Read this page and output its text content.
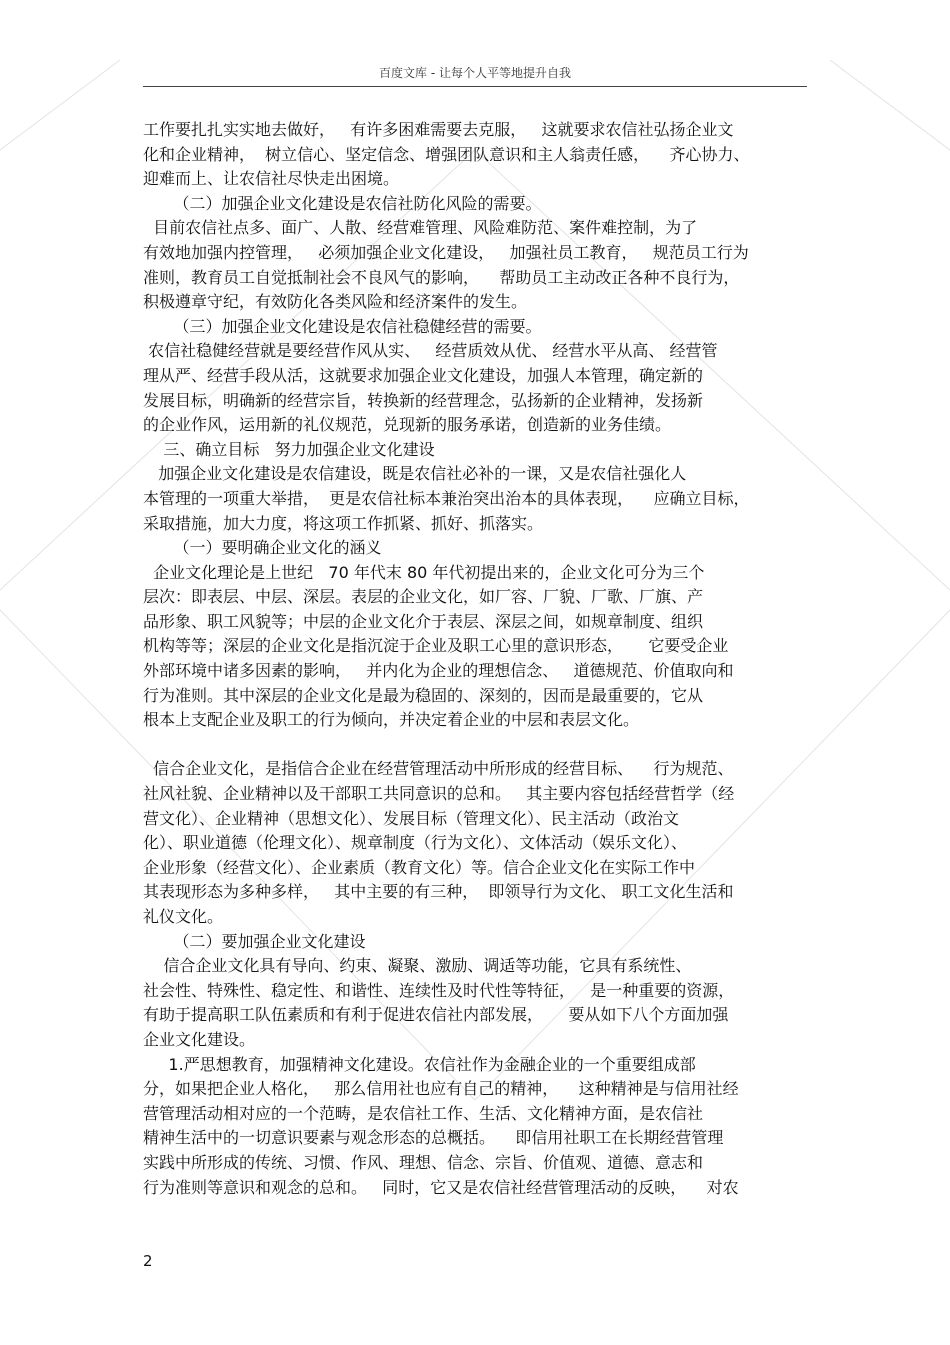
百度文库 - 让每个人平等地提升自我
工作要扎扎实实地去做好，   有许多困难需要去克服，   这就要求农信社弘扬企业文
化和企业精神，  树立信心、坚定信念、增强团队意识和主人翁责任感，    齐心协力、
迎难而上、让农信社尽快走出困境。
（二）加强企业文化建设是农信社防化风险的需要。
目前农信社点多、面广、人散、经营难管理、风险难防范、案件难控制，为了
有效地加强内控管理，   必须加强企业文化建设，   加强社员工教育，   规范员工行为
准则，教育员工自觉抵制社会不良风气的影响，    帮助员工主动改正各种不良行为，
积极遵章守纪，有效防化各类风险和经济案件的发生。
（三）加强企业文化建设是农信社稳健经营的需要。
农信社稳健经营就是要经营作风从实、   经营质效从优、 经营水平从高、 经营管
理从严、经营手段从活，这就要求加强企业文化建设，加强人本管理，确定新的
发展目标，明确新的经营宗旨，转换新的经营理念，弘扬新的企业精神，发扬新
的企业作风，运用新的礼仪规范，兑现新的服务承诺，创造新的业务佳绩。
三、确立目标   努力加强企业文化建设
加强企业文化建设是农信建设，既是农信社必补的一课，又是农信社强化人
本管理的一项重大举措，  更是农信社标本兼治突出治本的具体表现，    应确立目标，
采取措施，加大力度，将这项工作抓紧、抓好、抓落实。
（一）要明确企业文化的涵义
企业文化理论是上世纪   70 年代末 80 年代初提出来的，企业文化可分为三个
层次：即表层、中层、深层。表层的企业文化，如厂容、厂貌、厂歌、厂旗、产
品形象、职工风貌等；中层的企业文化介于表层、深层之间，如规章制度、组织
机构等等；深层的企业文化是指沉淀于企业及职工心里的意识形态，     它要受企业
外部环境中诸多因素的影响，   并内化为企业的理想信念、   道德规范、价值取向和
行为准则。其中深层的企业文化是最为稳固的、深刻的，因而是最重要的，它从
根本上支配企业及职工的行为倾向，并决定着企业的中层和表层文化。
信合企业文化，是指信合企业在经营管理活动中所形成的经营目标、    行为规范、
社风社貌、企业精神以及干部职工共同意识的总和。   其主要内容包括经营哲学（经
营文化）、企业精神（思想文化）、发展目标（管理文化）、民主活动（政治文
化）、职业道德（伦理文化）、规章制度（行为文化）、文体活动（娱乐文化）、
企业形象（经营文化）、企业素质（教育文化）等。信合企业文化在实际工作中
其表现形态为多种多样，   其中主要的有三种，  即领导行为文化、 职工文化生活和
礼仪文化。
（二）要加强企业文化建设
信合企业文化具有导向、约束、凝聚、激励、调适等功能，它具有系统性、
社会性、特殊性、稳定性、和谐性、连续性及时代性等特征，   是一种重要的资源，
有助于提高职工队伍素质和有利于促进农信社内部发展，     要从如下八个方面加强
企业文化建设。
1.严思想教育，加强精神文化建设。农信社作为金融企业的一个重要组成部
分，如果把企业人格化，   那么信用社也应有自己的精神，    这种精神是与信用社经
营管理活动相对应的一个范畴，是农信社工作、生活、文化精神方面，是农信社
精神生活中的一切意识要素与观念形态的总概括。    即信用社职工在长期经营管理
实践中所形成的传统、习惯、作风、理想、信念、宗旨、价值观、道德、意志和
行为准则等意识和观念的总和。   同时，它又是农信社经营管理活动的反映，    对农
2
